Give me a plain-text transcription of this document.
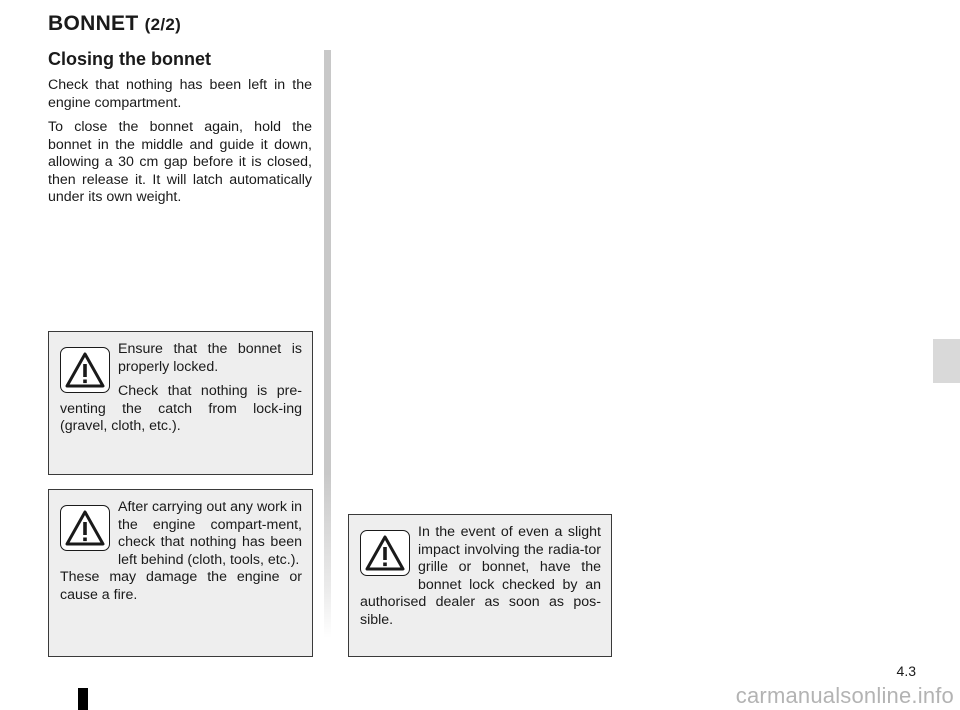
BONNET (2/2)
Closing the bonnet

Check that nothing has been left in the engine compartment.

To close the bonnet again, hold the bonnet in the middle and guide it down, allowing a 30 cm gap before it is closed, then release it. It will latch automatically under its own weight.

Ensure that the bonnet is properly locked.

Check that nothing is pre-venting the catch from lock-ing (gravel, cloth, etc.).

After carrying out any work in the engine compart-ment, check that nothing has been left behind (cloth, tools, etc.).

These may damage the engine or cause a fire.

In the event of even a slight impact involving the radia-tor grille or bonnet, have the bonnet lock checked by an authorised dealer as soon as pos-sible.

4.3
carmanualsonline.info
